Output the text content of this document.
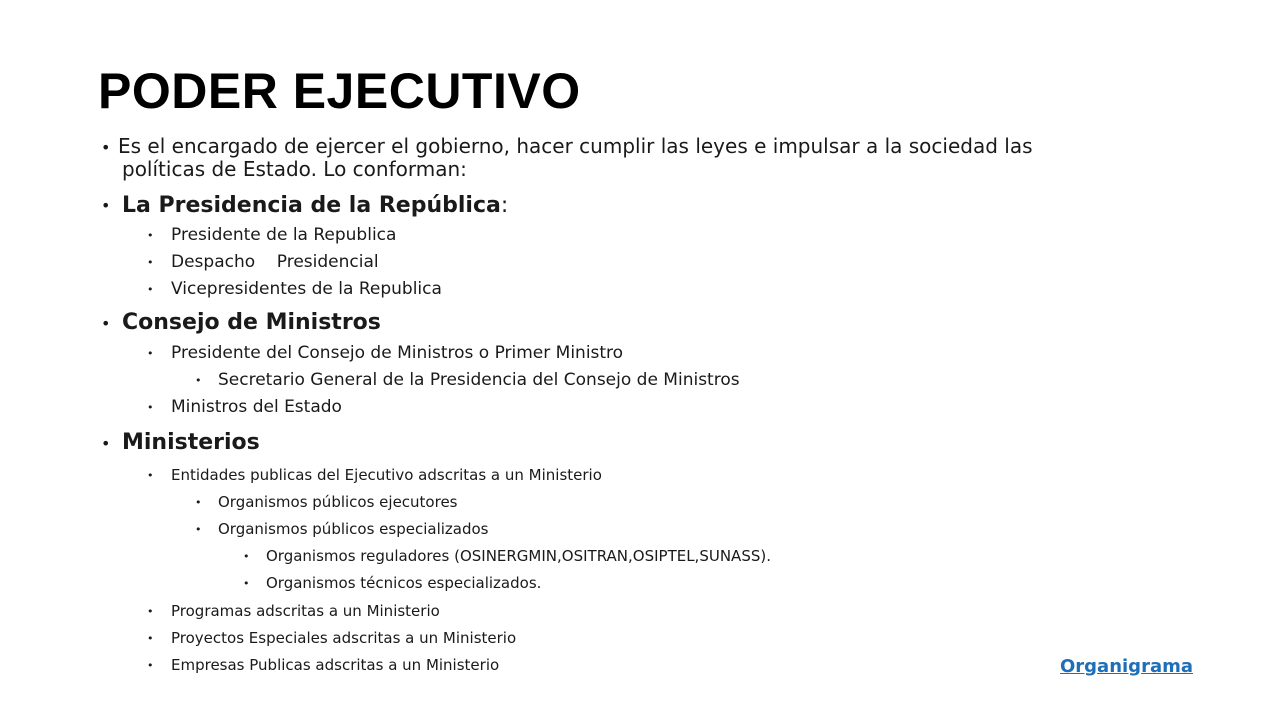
PODER EJECUTIVO
• Es el encargado de ejercer el gobierno, hacer cumplir las leyes e impulsar a la sociedad las
políticas de Estado. Lo conforman:
• La Presidencia de la República:
• Presidente de la Republica
• Despacho    Presidencial
• Vicepresidentes de la Republica
• Consejo de Ministros
• Presidente del Consejo de Ministros o Primer Ministro
• Secretario General de la Presidencia del Consejo de Ministros
• Ministros del Estado
• Ministerios
• Entidades publicas del Ejecutivo adscritas a un Ministerio
• Organismos públicos ejecutores
• Organismos públicos especializados
• Organismos reguladores (OSINERGMIN,OSITRAN,OSIPTEL,SUNASS).
• Organismos técnicos especializados.
• Programas adscritas a un Ministerio
• Proyectos Especiales adscritas a un Ministerio
• Empresas Publicas adscritas a un Ministerio	Organigrama
